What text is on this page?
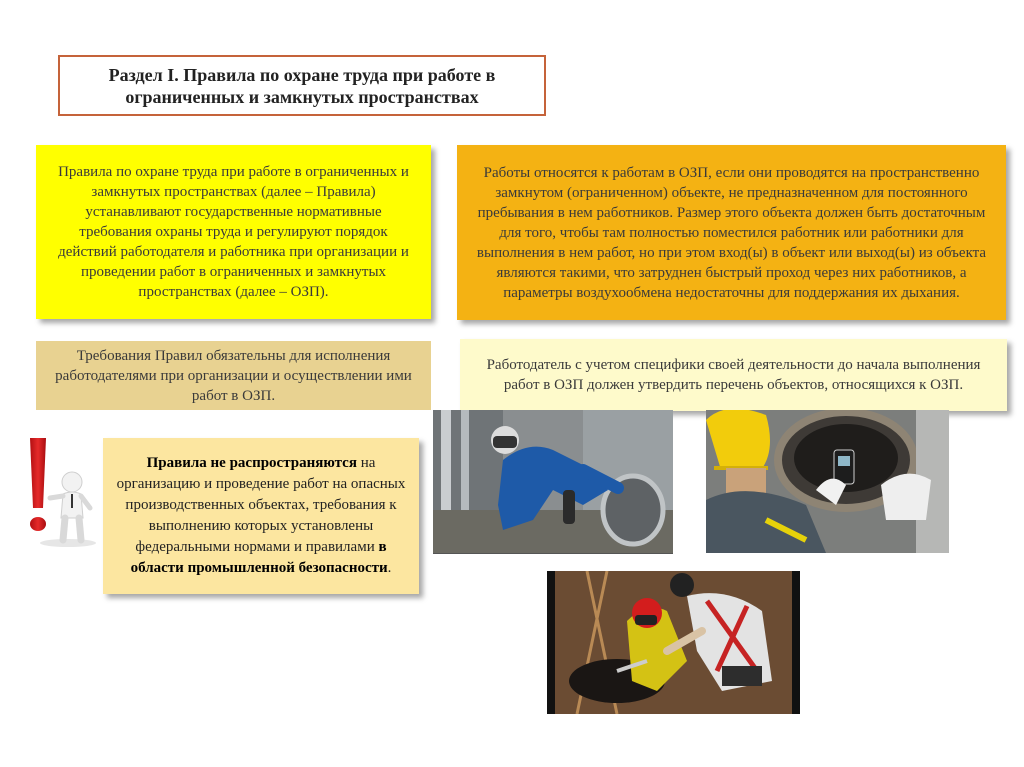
Раздел I. Правила по охране труда при работе в ограниченных и замкнутых пространствах
Правила по охране труда при работе в ограниченных и замкнутых пространствах (далее – Правила) устанавливают государственные нормативные требования охраны труда и регулируют порядок действий работодателя и работника при организации и проведении работ в ограниченных и замкнутых пространствах (далее – ОЗП).
Работы относятся к работам в ОЗП, если они проводятся на пространственно замкнутом (ограниченном) объекте, не предназначенном для постоянного пребывания в нем работников. Размер этого объекта должен быть достаточным для того, чтобы там полностью поместился работник или работники для выполнения в нем работ, но при этом вход(ы) в объект или выход(ы) из объекта являются такими, что затруднен быстрый проход через них работников, а параметры воздухообмена недостаточны для поддержания их дыхания.
Требования Правил обязательны для исполнения работодателями при организации и осуществлении ими работ в ОЗП.
Работодатель с учетом специфики своей деятельности до начала выполнения работ в ОЗП должен утвердить перечень объектов, относящихся к ОЗП.
Правила не распространяются на организацию и проведение работ на опасных производственных объектах, требования к выполнению которых установлены федеральными нормами и правилами в области промышленной безопасности.
